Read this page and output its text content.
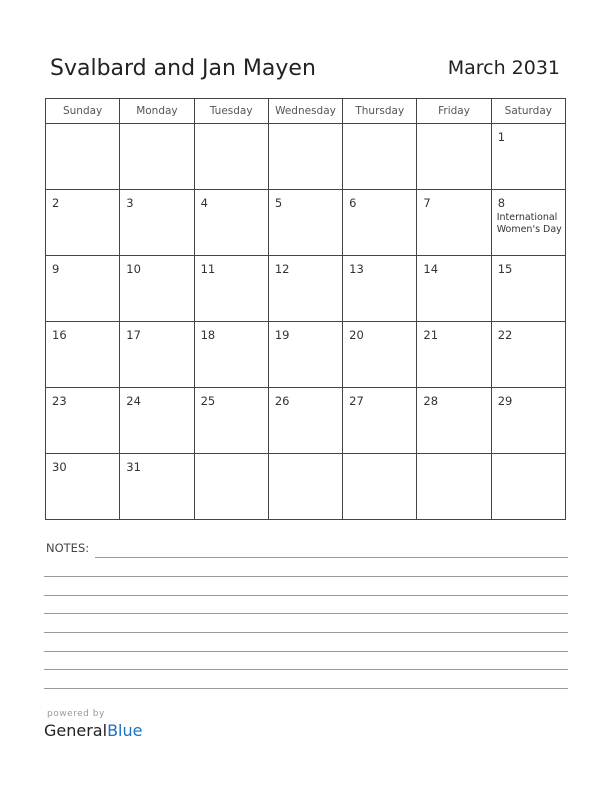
Svalbard and Jan Mayen	March 2031
Sunday	Monday	Tuesday	Wednesday	Thursday	Friday	Saturday

						1

2	3	4	5	6	7	8
International Women's Day

9	10	11	12	13	14	15

16	17	18	19	20	21	22

23	24	25	26	27	28	29

30	31					

NOTES:
powered by
GeneralBlue
